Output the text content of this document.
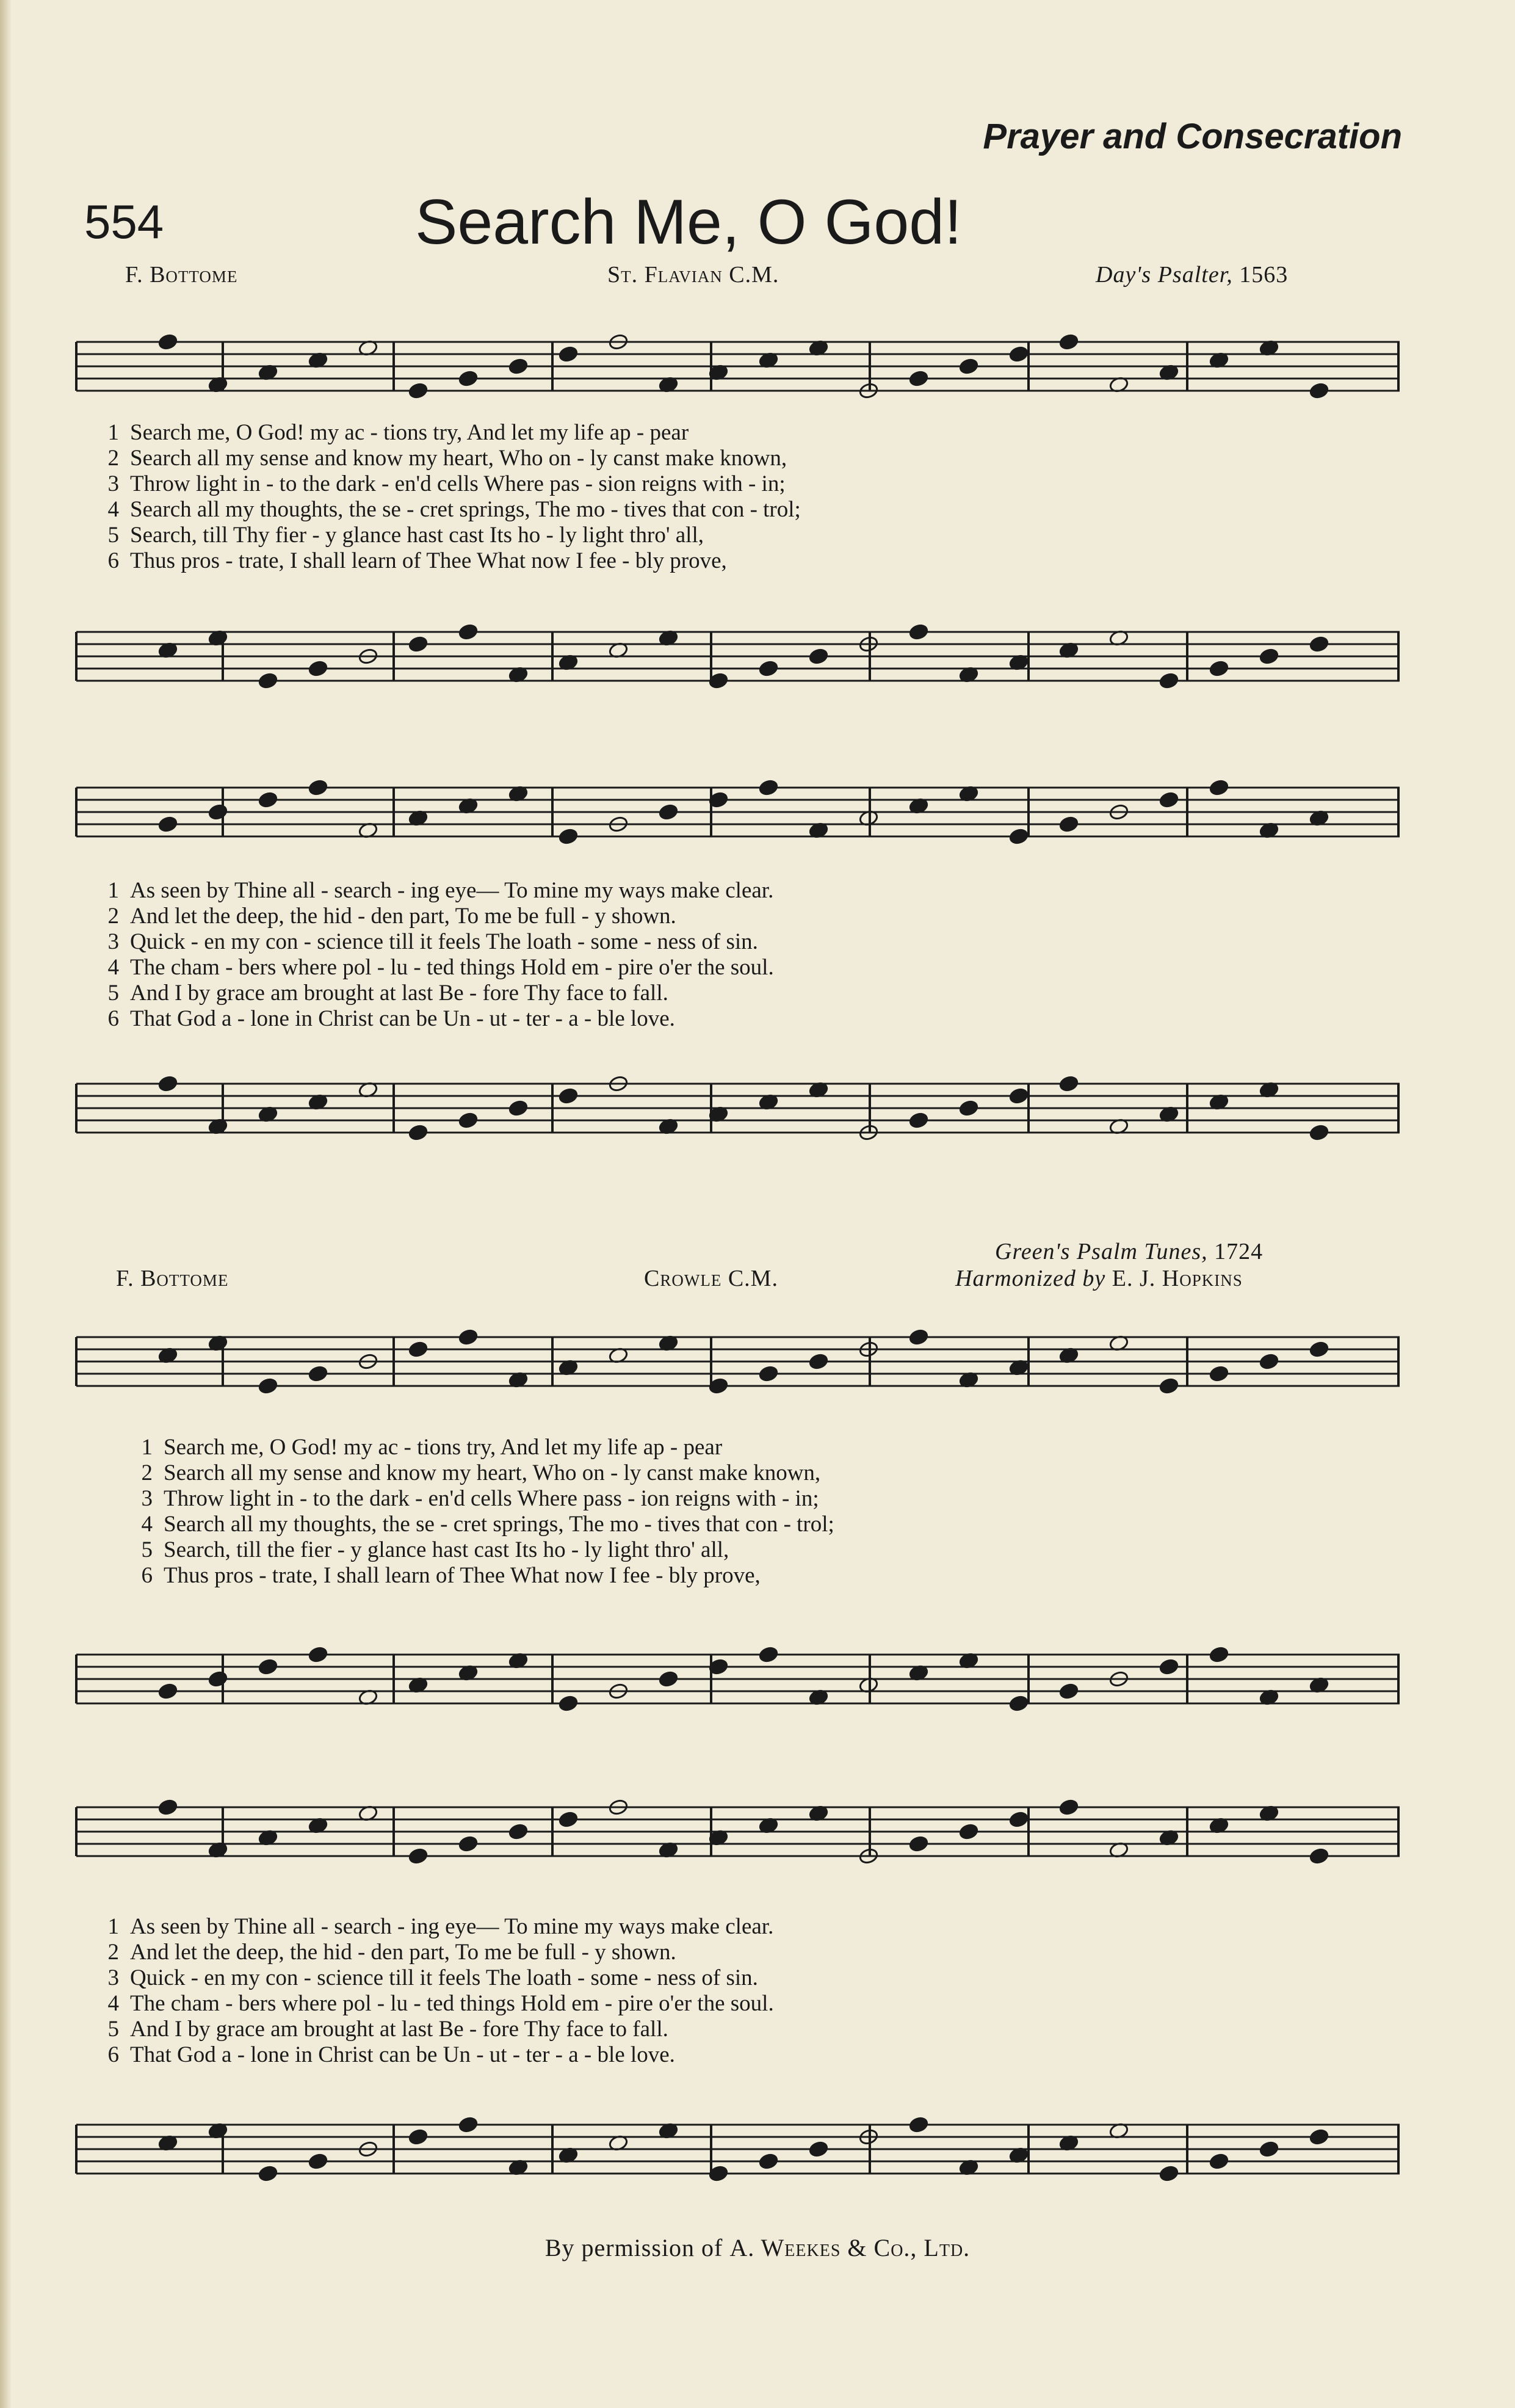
Prayer and Consecration
554	Search Me, O God!
F. Bottome	St. Flavian C.M.	Day's Psalter, 1563
1 Search me, O God! my ac - tions try, And let my life ap - pear
2 Search all my sense and know my heart, Who on - ly canst make known,
3 Throw light in - to the dark - en'd cells Where pas - sion reigns with - in;
4 Search all my thoughts, the se - cret springs, The mo - tives that con - trol;
5 Search, till Thy fier - y glance hast cast Its ho - ly light thro' all,
6 Thus pros - trate, I shall learn of Thee What now I fee - bly prove,
1 As seen by Thine all - search - ing eye— To mine my ways make clear.
2 And let the deep, the hid - den part, To me be full - y shown.
3 Quick - en my con - science till it feels The loath - some - ness of sin.
4 The cham - bers where pol - lu - ted things Hold em - pire o'er the soul.
5 And I by grace am brought at last Be - fore Thy face to fall.
6 That God a - lone in Christ can be Un - ut - ter - a - ble love.
Green's Psalm Tunes, 1724
F. Bottome	Crowle C.M.	Harmonized by E. J. Hopkins
1 Search me, O God! my ac - tions try, And let my life ap - pear
2 Search all my sense and know my heart, Who on - ly canst make known,
3 Throw light in - to the dark - en'd cells Where pass - ion reigns with - in;
4 Search all my thoughts, the se - cret springs, The mo - tives that con - trol;
5 Search, till the fier - y glance hast cast Its ho - ly light thro' all,
6 Thus pros - trate, I shall learn of Thee What now I fee - bly prove,
1 As seen by Thine all - search - ing eye— To mine my ways make clear.
2 And let the deep, the hid - den part, To me be full - y shown.
3 Quick - en my con - science till it feels The loath - some - ness of sin.
4 The cham - bers where pol - lu - ted things Hold em - pire o'er the soul.
5 And I by grace am brought at last Be - fore Thy face to fall.
6 That God a - lone in Christ can be Un - ut - ter - a - ble love.
By permission of A. Weekes & Co., Ltd.
